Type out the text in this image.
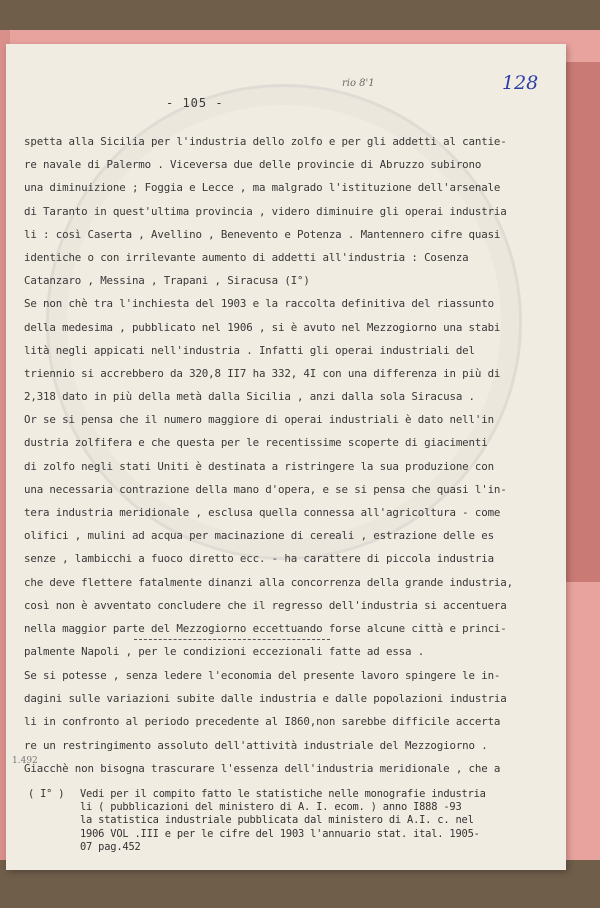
rio 8'1
- 105 -
128
spetta alla Sicilia per l'industria dello zolfo e per gli addetti al cantie-
re navale di Palermo . Viceversa due delle provincie di Abruzzo subirono
una diminuizione ; Foggia e Lecce , ma malgrado l'istituzione dell'arsenale
di Taranto in quest'ultima provincia , videro diminuire gli operai industria
li : così Caserta , Avellino , Benevento e Potenza . Mantennero cifre quasi
identiche o con irrilevante aumento di addetti all'industria : Cosenza
Catanzaro , Messina , Trapani , Siracusa (I°)
Se non chè tra l'inchiesta del 1903 e la raccolta definitiva del riassunto
della medesima , pubblicato nel 1906 , si è avuto nel Mezzogiorno una stabi
lità negli appicati nell'industria . Infatti gli operai industriali del
triennio si accrebbero da 320,8 II7 ha 332, 4I con una differenza in più di
2,318 dato in più della metà dalla Sicilia , anzi dalla sola Siracusa .
Or se si pensa che il numero maggiore di operai industriali è dato nell'in
dustria zolfifera e che questa per le recentissime scoperte di giacimenti
di zolfo negli stati Uniti è destinata a ristringere la sua produzione con
una necessaria contrazione della mano d'opera, e se si pensa che quasi l'in-
tera industria meridionale , esclusa quella connessa all'agricoltura - come
olifici , mulini ad acqua per macinazione di cereali , estrazione delle es
senze , lambicchi a fuoco diretto ecc. - ha carattere di piccola industria
che deve flettere fatalmente dinanzi alla concorrenza della grande industria,
così non è avventato concludere che il regresso dell'industria si accentuera
nella maggior parte del Mezzogiorno eccettuando forse alcune città e princi-
palmente Napoli , per le condizioni eccezionali fatte ad essa .
Se si potesse , senza ledere l'economia del presente lavoro spingere le in-
dagini sulle variazioni subite dalle industria e dalle popolazioni industria
li in confronto al periodo precedente al I860,non sarebbe difficile accerta
re un restringimento assoluto dell'attività industriale del Mezzogiorno .
Giacchè non bisogna trascurare l'essenza dell'industria meridionale , che a
1.492
( I° ) Vedi per il compito fatto le statistiche nelle monografie industria
li ( pubblicazioni del ministero di A. I. ecom. ) anno I888 -93
la statistica industriale pubblicata dal ministero di A.I. c. nel
1906 VOL .III e per le cifre del 1903 l'annuario stat. ital. 1905-
07 pag.452
